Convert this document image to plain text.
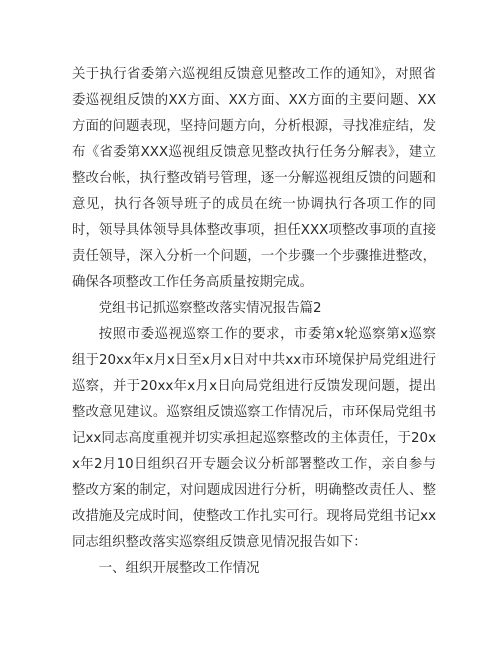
关于执行省委第六巡视组反馈意见整改工作的通知》，对照省委巡视组反馈的XX方面、XX方面、XX方面的主要问题、XX方面的问题表现，坚持问题方向，分析根源，寻找准症结，发布《省委第XXX巡视组反馈意见整改执行任务分解表》，建立整改台帐，执行整改销号管理，逐一分解巡视组反馈的问题和意见，执行各领导班子的成员在统一协调执行各项工作的同时，领导具体领导具体整改事项，担任XXX项整改事项的直接责任领导，深入分析一个问题，一个步骤一个步骤推进整改，确保各项整改工作任务高质量按期完成。

党组书记抓巡察整改落实情况报告篇2

按照市委巡视巡察工作的要求，市委第x轮巡察第x巡察组于20xx年x月x日至x月x日对中共xx市环境保护局党组进行巡察，并于20xx年x月x日向局党组进行反馈发现问题，提出整改意见建议。巡察组反馈巡察工作情况后，市环保局党组书记xx同志高度重视并切实承担起巡察整改的主体责任，于20xx年2月10日组织召开专题会议分析部署整改工作，亲自参与整改方案的制定，对问题成因进行分析，明确整改责任人、整改措施及完成时间，使整改工作扎实可行。现将局党组书记xx同志组织整改落实巡察组反馈意见情况报告如下：

一、组织开展整改工作情况
